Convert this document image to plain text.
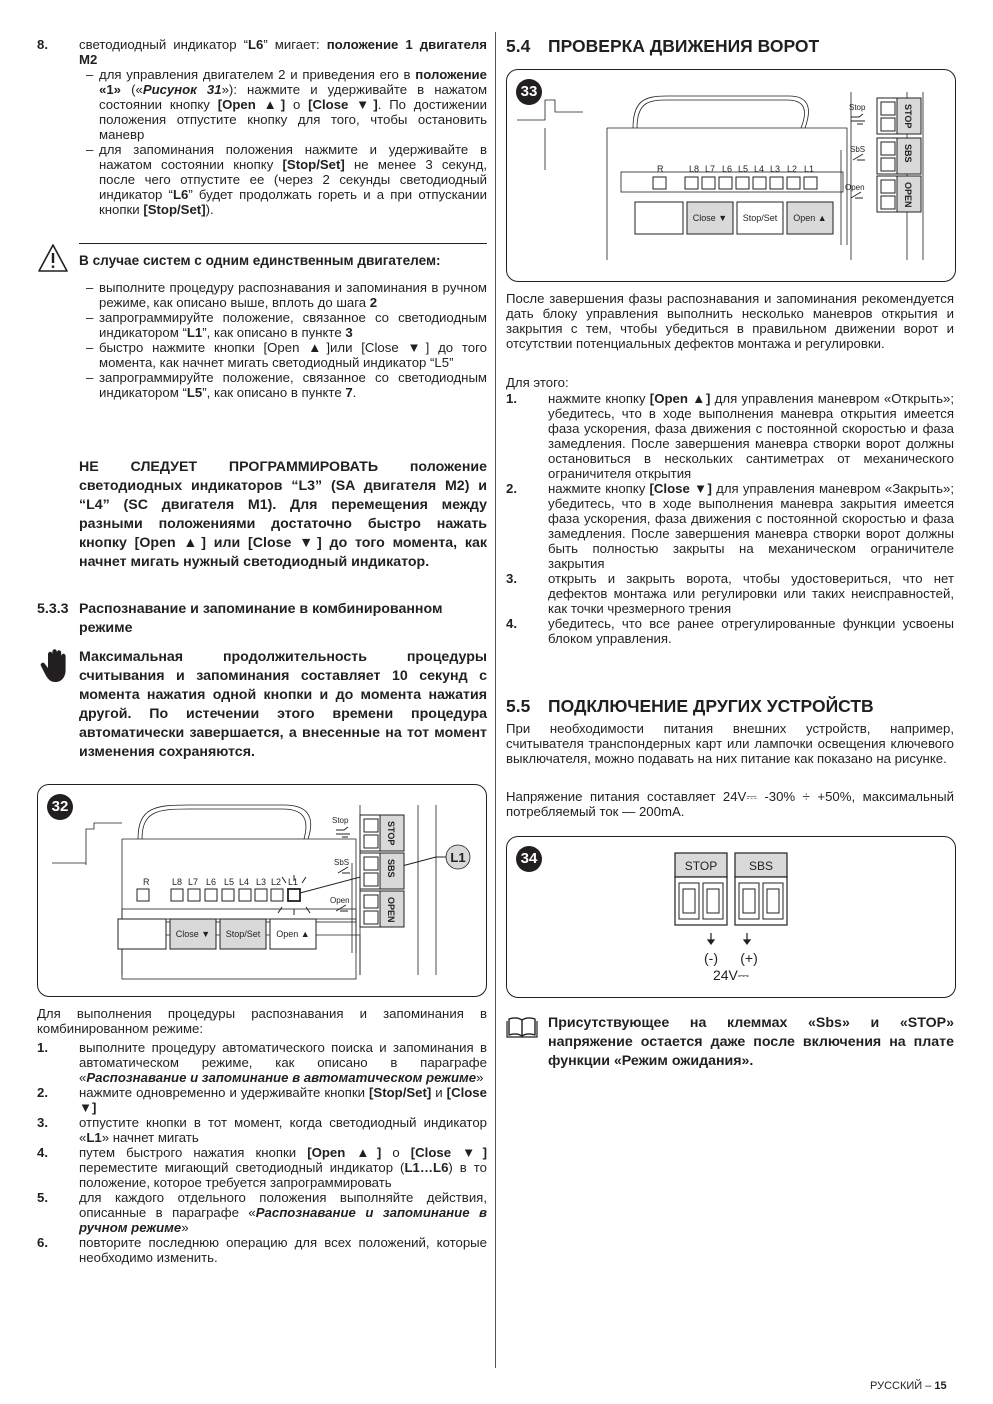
8. светодиодный индикатор “L6” мигает: положение 1 двигателя M2
– для управления двигателем 2 и приведения его в положение «1» («Рисунок 31»): нажмите и удерживайте в нажатом состоянии кнопку [Open ▲] o [Close ▼]. По достижении положения отпустите кнопку для того, чтобы остановить маневр
– для запоминания положения нажмите и удерживайте в нажатом состоянии кнопку [Stop/Set] не менее 3 секунд, после чего отпустите ее (через 2 секунды светодиодный индикатор “L6” будет продолжать гореть и а при отпускании кнопки [Stop/Set]).
В случае систем с одним единственным двигателем:
– выполните процедуру распознавания и запоминания в ручном режиме, как описано выше, вплоть до шага 2
– запрограммируйте положение, связанное со светодиодным индикатором “L1”, как описано в пункте 3
– быстро нажмите кнопки [Open ▲]или [Close ▼] до того момента, как начнет мигать светодиодный индикатор “L5”
– запрограммируйте положение, связанное со светодиодным индикатором “L5”, как описано в пункте 7.
НЕ СЛЕДУЕТ ПРОГРАММИРОВАТЬ положение светодиодных индикаторов “L3” (SA двигателя M2) и “L4” (SC двигателя M1). Для перемещения между разными положениями достаточно быстро нажать кнопку [Open ▲] или [Close ▼] до того момента, как начнет мигать нужный светодиодный индикатор.
5.3.3 Распознавание и запоминание в комбинированном режиме
Максимальная продолжительность процедуры считывания и запоминания составляет 10 секунд с момента нажатия одной кнопки и до момента нажатия другой. По истечении этого времени процедура автоматически завершается, а внесенные на тот момент изменения сохраняются.
32
R	L8 L7 L6 L5 L4 L3 L2 L1
L1
Close ▼ Stop/Set Open ▲
Stop
SbS
Open
STOP
SBS
OPEN
Для выполнения процедуры распознавания и запоминания в комбинированном режиме:
1. выполните процедуру автоматического поиска и запоминания в автоматическом режиме, как описано в параграфе «Распознавание и запоминание в автоматическом режиме»
2. нажмите одновременно и удерживайте кнопки [Stop/Set] и [Close ▼]
3. отпустите кнопки в тот момент, когда светодиодный индикатор «L1» начнет мигать
4. путем быстрого нажатия кнопки [Open ▲] o [Close ▼] переместите мигающий светодиодный индикатор (L1…L6) в то положение, которое требуется запрограммировать
5. для каждого отдельного положения выполняйте действия, описанные в параграфе «Распознавание и запоминание в ручном режиме»
6. повторите последнюю операцию для всех положений, которые необходимо изменить.
5.4 ПРОВЕРКА ДВИЖЕНИЯ ВОРОТ
33
R	L8 L7 L6 L5 L4 L3 L2 L1
Close ▼ Stop/Set Open ▲
Stop
SbS
Open
STOP
SBS
OPEN
После завершения фазы распознавания и запоминания рекомендуется дать блоку управления выполнить несколько маневров открытия и закрытия с тем, чтобы убедиться в правильном движении ворот и отсутствии потенциальных дефектов монтажа и регулировки.
Для этого:
1. нажмите кнопку [Open ▲] для управления маневром «Открыть»; убедитесь, что в ходе выполнения маневра открытия имеется фаза ускорения, фаза движения с постоянной скоростью и фаза замедления. После завершения маневра створки ворот должны остановиться в нескольких сантиметрах от механического ограничителя открытия
2. нажмите кнопку [Close ▼] для управления маневром «Закрыть»; убедитесь, что в ходе выполнения маневра закрытия имеется фаза ускорения, фаза движения с постоянной скоростью и фаза замедления. После завершения маневра створки ворот должны быть полностью закрыты на механическом ограничителе закрытия
3. открыть и закрыть ворота, чтобы удостовериться, что нет дефектов монтажа или регулировки или таких неисправностей, как точки чрезмерного трения
4. убедитесь, что все ранее отрегулированные функции усвоены блоком управления.
5.5 ПОДКЛЮЧЕНИЕ ДРУГИХ УСТРОЙСТВ
При необходимости питания внешних устройств, например, считывателя транспондерных карт или лампочки освещения ключевого выключателя, можно подавать на них питание как показано на рисунке.
Напряжение питания составляет 24V⎓ -30% ÷ +50%, максимальный потребляемый ток — 200mA.
34	STOP	SBS
(-) (+)
24V⎓
Присутствующее на клеммах «Sbs» и «STOP» напряжение остается даже после включения на плате функции «Режим ожидания».
РУССКИЙ – 15
